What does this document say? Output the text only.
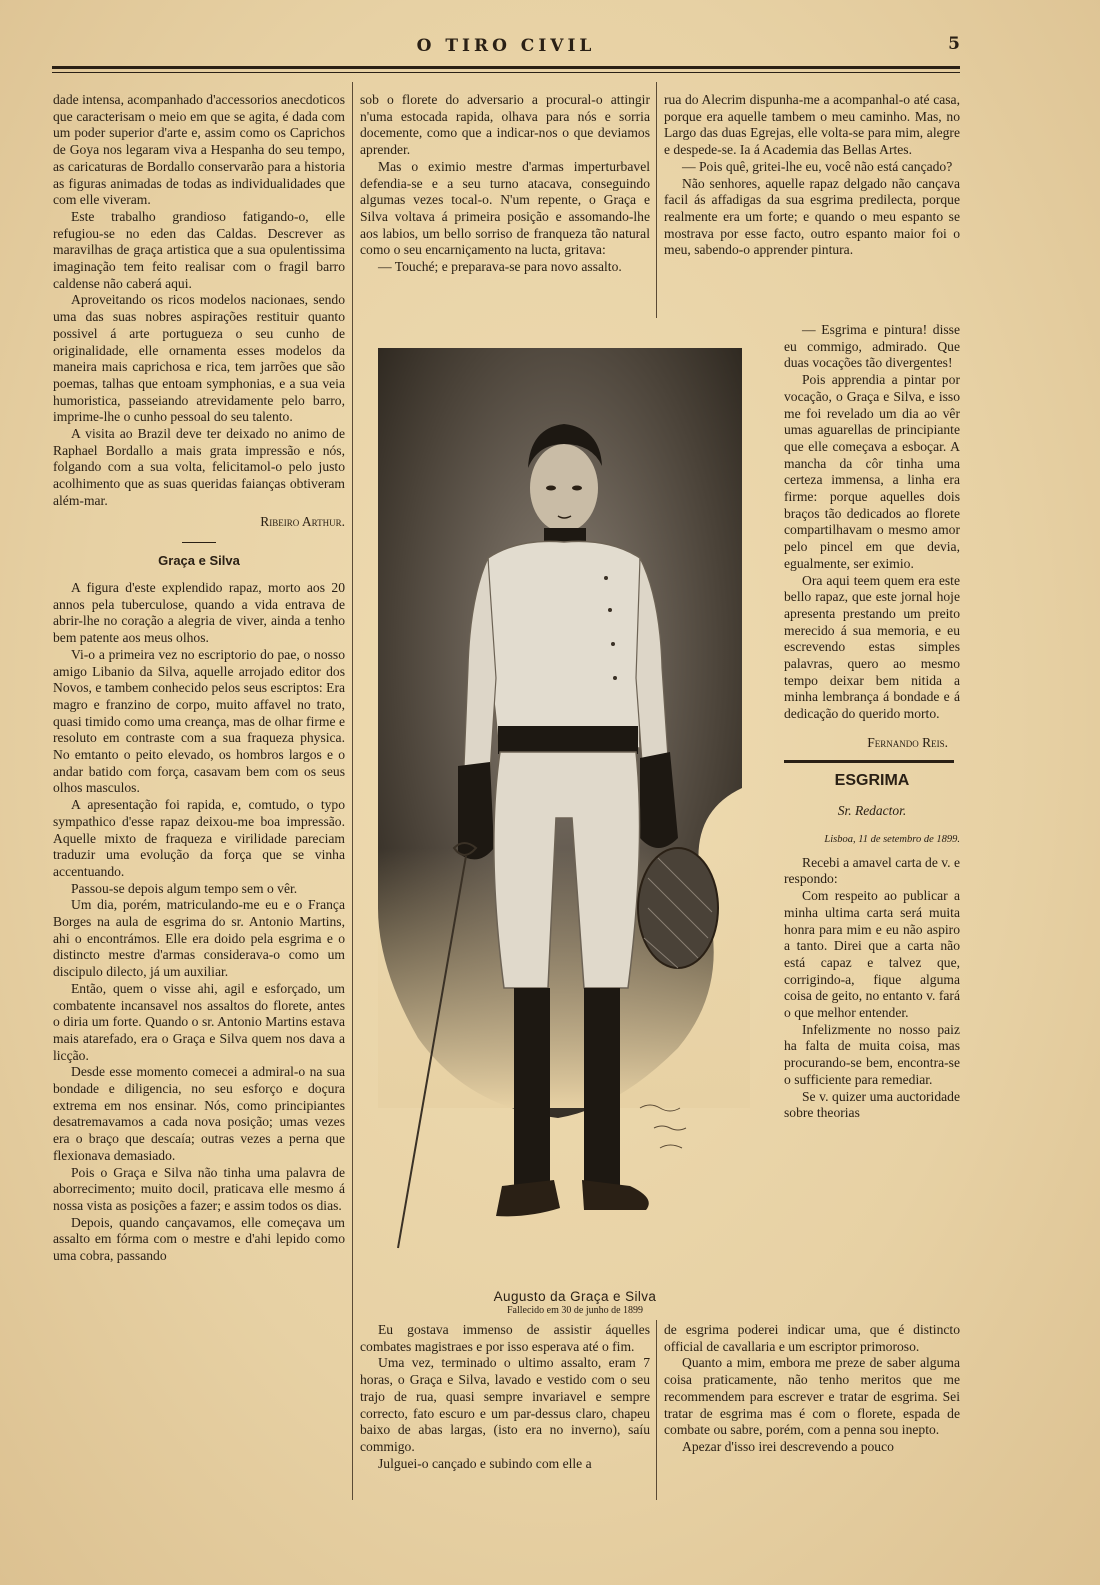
O TIRO CIVIL	5

dade intensa, acompanhado d'accessorios anecdoticos que caracterisam o meio em que se agita, é dada com um poder superior d'arte e, assim como os Caprichos de Goya nos legaram viva a Hespanha do seu tempo, as caricaturas de Bordallo conservarão para a historia as figuras animadas de todas as individualidades que com elle viveram.

Este trabalho grandioso fatigando-o, elle refugiou-se no eden das Caldas. Descrever as maravilhas de graça artistica que a sua opulentissima imaginação tem feito realisar com o fragil barro caldense não caberá aqui.

Aproveitando os ricos modelos nacionaes, sendo uma das suas nobres aspirações restituir quanto possivel á arte portugueza o seu cunho de originalidade, elle ornamenta esses modelos da maneira mais caprichosa e rica, tem jarrões que são poemas, talhas que entoam symphonias, e a sua veia humoristica, passeiando atrevidamente pelo barro, imprime-lhe o cunho pessoal do seu talento.

A visita ao Brazil deve ter deixado no animo de Raphael Bordallo a mais grata impressão e nós, folgando com a sua volta, felicitamol-o pelo justo acolhimento que as suas queridas faianças obtiveram além-mar.

Ribeiro Arthur.
Graça e Silva

A figura d'este explendido rapaz, morto aos 20 annos pela tuberculose, quando a vida entrava de abrir-lhe no coração a alegria de viver, ainda a tenho bem patente aos meus olhos.

Vi-o a primeira vez no escriptorio do pae, o nosso amigo Libanio da Silva, aquelle arrojado editor dos Novos, e tambem conhecido pelos seus escriptos: Era magro e franzino de corpo, muito affavel no trato, quasi timido como uma creança, mas de olhar firme e resoluto em contraste com a sua fraqueza physica. No emtanto o peito elevado, os hombros largos e o andar batido com força, casavam bem com os seus olhos masculos.

A apresentação foi rapida, e, comtudo, o typo sympathico d'esse rapaz deixou-me boa impressão. Aquelle mixto de fraqueza e virilidade pareciam traduzir uma evolução da força que se vinha accentuando.

Passou-se depois algum tempo sem o vêr.

Um dia, porém, matriculando-me eu e o França Borges na aula de esgrima do sr. Antonio Martins, ahi o encontrámos. Elle era doido pela esgrima e o distincto mestre d'armas considerava-o como um discipulo dilecto, já um auxiliar.

Então, quem o visse ahi, agil e esforçado, um combatente incansavel nos assaltos do florete, antes o diria um forte. Quando o sr. Antonio Martins estava mais atarefado, era o Graça e Silva quem nos dava a licção.

Desde esse momento comecei a admiral-o na sua bondade e diligencia, no seu esforço e doçura extrema em nos ensinar. Nós, como principiantes desatremavamos a cada nova posição; umas vezes era o braço que descaía; outras vezes a perna que flexionava demasiado.

Pois o Graça e Silva não tinha uma palavra de aborrecimento; muito docil, praticava elle mesmo á nossa vista as posições a fazer; e assim todos os dias.

Depois, quando cançavamos, elle começava um assalto em fórma com o mestre e d'ahi lepido como uma cobra, passando

sob o florete do adversario a procural-o attingir n'uma estocada rapida, olhava para nós e sorria docemente, como que a indicar-nos o que deviamos aprender.

Mas o eximio mestre d'armas imperturbavel defendia-se e a seu turno atacava, conseguindo algumas vezes tocal-o. N'um repente, o Graça e Silva voltava á primeira posição e assomando-lhe aos labios, um bello sorriso de franqueza tão natural como o seu encarniçamento na lucta, gritava:

— Touché; e preparava-se para novo assalto.

rua do Alecrim dispunha-me a acompanhal-o até casa, porque era aquelle tambem o meu caminho. Mas, no Largo das duas Egrejas, elle volta-se para mim, alegre e despede-se. Ia á Academia das Bellas Artes.

— Pois quê, gritei-lhe eu, você não está cançado?

Não senhores, aquelle rapaz delgado não cançava facil ás affadigas da sua esgrima predilecta, porque realmente era um forte; e quando o meu espanto se mostrava por esse facto, outro espanto maior foi o meu, sabendo-o apprender pintura.

— Esgrima e pintura! disse eu commigo, admirado. Que duas vocações tão divergentes!

Pois apprendia a pintar por vocação, o Graça e Silva, e isso me foi revelado um dia ao vêr umas aguarellas de principiante que elle começava a esboçar. A mancha da côr tinha uma certeza immensa, a linha era firme: porque aquelles dois braços tão dedicados ao florete compartilhavam o mesmo amor pelo pincel em que devia, egualmente, ser eximio.

Ora aqui teem quem era este bello rapaz, que este jornal hoje apresenta prestando um preito merecido á sua memoria, e eu escrevendo estas simples palavras, quero ao mesmo tempo deixar bem nitida a minha lembrança á bondade e á dedicação do querido morto.

Fernando Reis.
ESGRIMA
Sr. Redactor.
Lisboa, 11 de setembro de 1899.

Recebi a amavel carta de v. e respondo:

Com respeito ao publicar a minha ultima carta será muita honra para mim e eu não aspiro a tanto. Direi que a carta não está capaz e talvez que, corrigindo-a, fique alguma coisa de geito, no entanto v. fará o que melhor entender.

Infelizmente no nosso paiz ha falta de muita coisa, mas procurando-se bem, encontra-se o sufficiente para remediar.

Se v. quizer uma auctoridade sobre theorias

Augusto da Graça e Silva
Fallecido em 30 de junho de 1899

Eu gostava immenso de assistir áquelles combates magistraes e por isso esperava até o fim.

Uma vez, terminado o ultimo assalto, eram 7 horas, o Graça e Silva, lavado e vestido com o seu trajo de rua, quasi sempre invariavel e sempre correcto, fato escuro e um par-dessus claro, chapeu baixo de abas largas, (isto era no inverno), saíu commigo.

Julguei-o cançado e subindo com elle a

de esgrima poderei indicar uma, que é distincto official de cavallaria e um escriptor primoroso.

Quanto a mim, embora me preze de saber alguma coisa praticamente, não tenho meritos que me recommendem para escrever e tratar de esgrima. Sei tratar de esgrima mas é com o florete, espada de combate ou sabre, porém, com a penna sou inepto.

Apezar d'isso irei descrevendo a pouco
